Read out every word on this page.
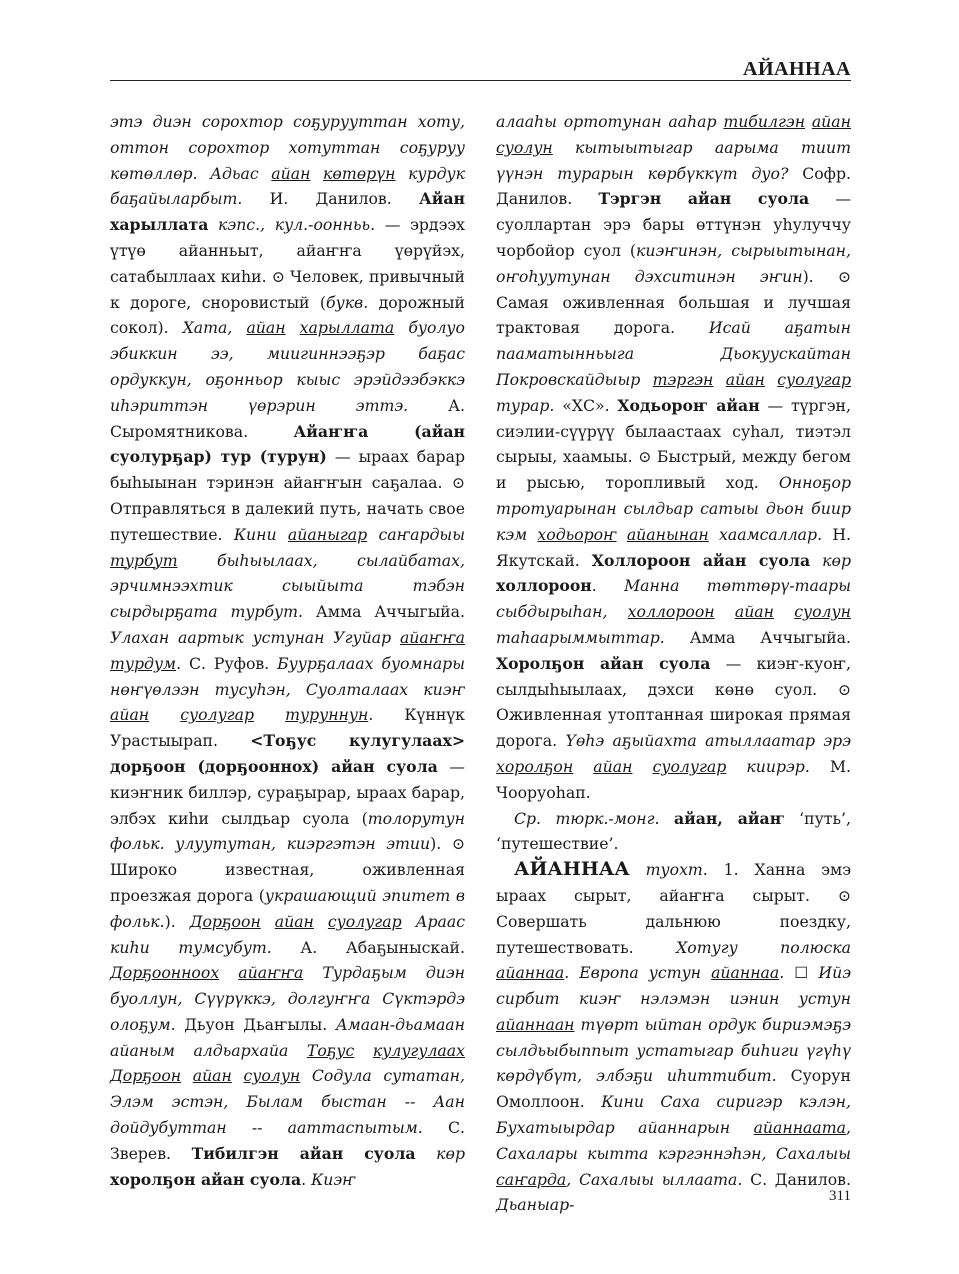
АЙАННАА

этэ диэн сорохтор соҕурууттан хоту, оттон сорохтор хотуттан соҕуруу көтөллөр. Адьас айан көтөрүн курдук баҕайыларбыт. И. Данилов. Айан харыллата кэпс., кул.-оонньь. — эрдээх үтүө айанньыт, айаҥҥа үөрүйэх, сатабыллаах киһи. ⊙ Человек, привычный к дороге, сноровистый (букв. дорожный сокол). Хата, айан харыллата буолуо эбиккин ээ, миигиннээҕэр баҕас ордуккун, оҕонньор кыыс эрэйдээбэккэ иһэриттэн үөрэрин эттэ. А. Сыромятникова. Айаҥҥа (айан суолурҕар) тур (турун) — ыраах барар быһыынан тэринэн айаҥҥын саҕалаа. ⊙ Отправляться в далекий путь, начать свое путешествие. Кини айаныгар саҥардыы турбут быһыылаах, сылайбатах, эрчимнээхтик сыыйыта тэбэн сырдырҕата турбут. Амма Аччыгыйа. Улахан аартык устунан Угуйар айаҥҥа турдум. С. Руфов. Буурҕалаах буомнары нөҥүөлээн тусуһэн, Суолталаах киэҥ айан суолугар туруннун. Күннүк Урастыырап. <Тоҕус кулугулаах> дорҕоон (дорҕооннох) айан суола — киэҥник биллэр, сураҕырар, ыраах барар, элбэх киһи сылдьар суола (толорутун фольк. улуутутан, киэргэтэн этии). ⊙ Широко известная, оживленная проезжая дорога (украшающий эпитет в фольк.). Дорҕоон айан суолугар Араас киһи тумсубут. А. Абаҕыныскай. Дорҕоонноох айаҥҥа Турдаҕым диэн буоллун, Сүүрүккэ, долгуҥҥа Сүктэрдэ олоҕум. Дьуон Дьаҥылы. Амаан-дьамаан айаным алдьархайа Тоҕус кулугулаах Дорҕоон айан суолун Содула сутатан, Элэм эстэн, Былам быстан -- Аан дойдубуттан -- ааттаспытым. С. Зверев. Тибилгэн айан суола көр хоролҕон айан суола. Киэҥ

алааһы ортотунан ааһар тибилгэн айан суолун кытыытыгар аарыма тиит үүнэн турарын көрбүккүт дуо? Софр. Данилов. Тэргэн айан суола — суоллартан эрэ бары өттүнэн уһулуччу чорбойор суол (киэҥинэн, сырыытынан, оҥоһуутунан дэхситинэн эҥин). ⊙ Самая оживленная большая и лучшая трактовая дорога. Исай аҕатын пааматынньыга Дьокуускайтан Покровскайдыыр тэргэн айан суолугар турар. «ХС». Ходьороҥ айан — түргэн, сиэлии-сүүрүү былаастаах суһал, тиэтэл сырыы, хаамыы. ⊙ Быстрый, между бегом и рысью, торопливый ход. Онноҕор тротуарынан сылдьар сатыы дьон биир кэм ходьороҥ айанынан хаамсаллар. Н. Якутскай. Холлороон айан суола көр холлороон. Манна төттөрү-таары сыбдырыһан, холлороон айан суолун таһаарыммыттар. Амма Аччыгыйа. Хоролҕон айан суола — киэҥ-куоҥ, сылдыһыылаах, дэхси көнө суол. ⊙ Оживленная утоптанная широкая прямая дорога. Үөһэ аҕыйахта атыллаатар эрэ хоролҕон айан суолугар киирэр. М. Чооруоһап.

Ср. тюрк.-монг. айан, айаҥ ‘путь’, ‘путешествие’.

АЙАННАА туохт. 1. Ханна эмэ ыраах сырыт, айаҥҥа сырыт. ⊙ Совершать дальнюю поездку, путешествовать. Хотугу полюска айаннаа. Европа устун айаннаа. ☐ Ийэ сирбит киэҥ нэлэмэн иэнин устун айаннаан түөрт ыйтан ордук бириэмэҕэ сылдьыбыппыт устатыгар биһиги үгүһү көрдүбүт, элбэҕи иһиттибит. Суорун Омоллоон. Кини Саха сиригэр кэлэн, Бухатыырдар айаннарын айаннаата, Сахалары кытта кэргэннэһэн, Сахалыы саҥарда, Сахалыы ыллаата. С. Данилов. Дьаныар-	311
